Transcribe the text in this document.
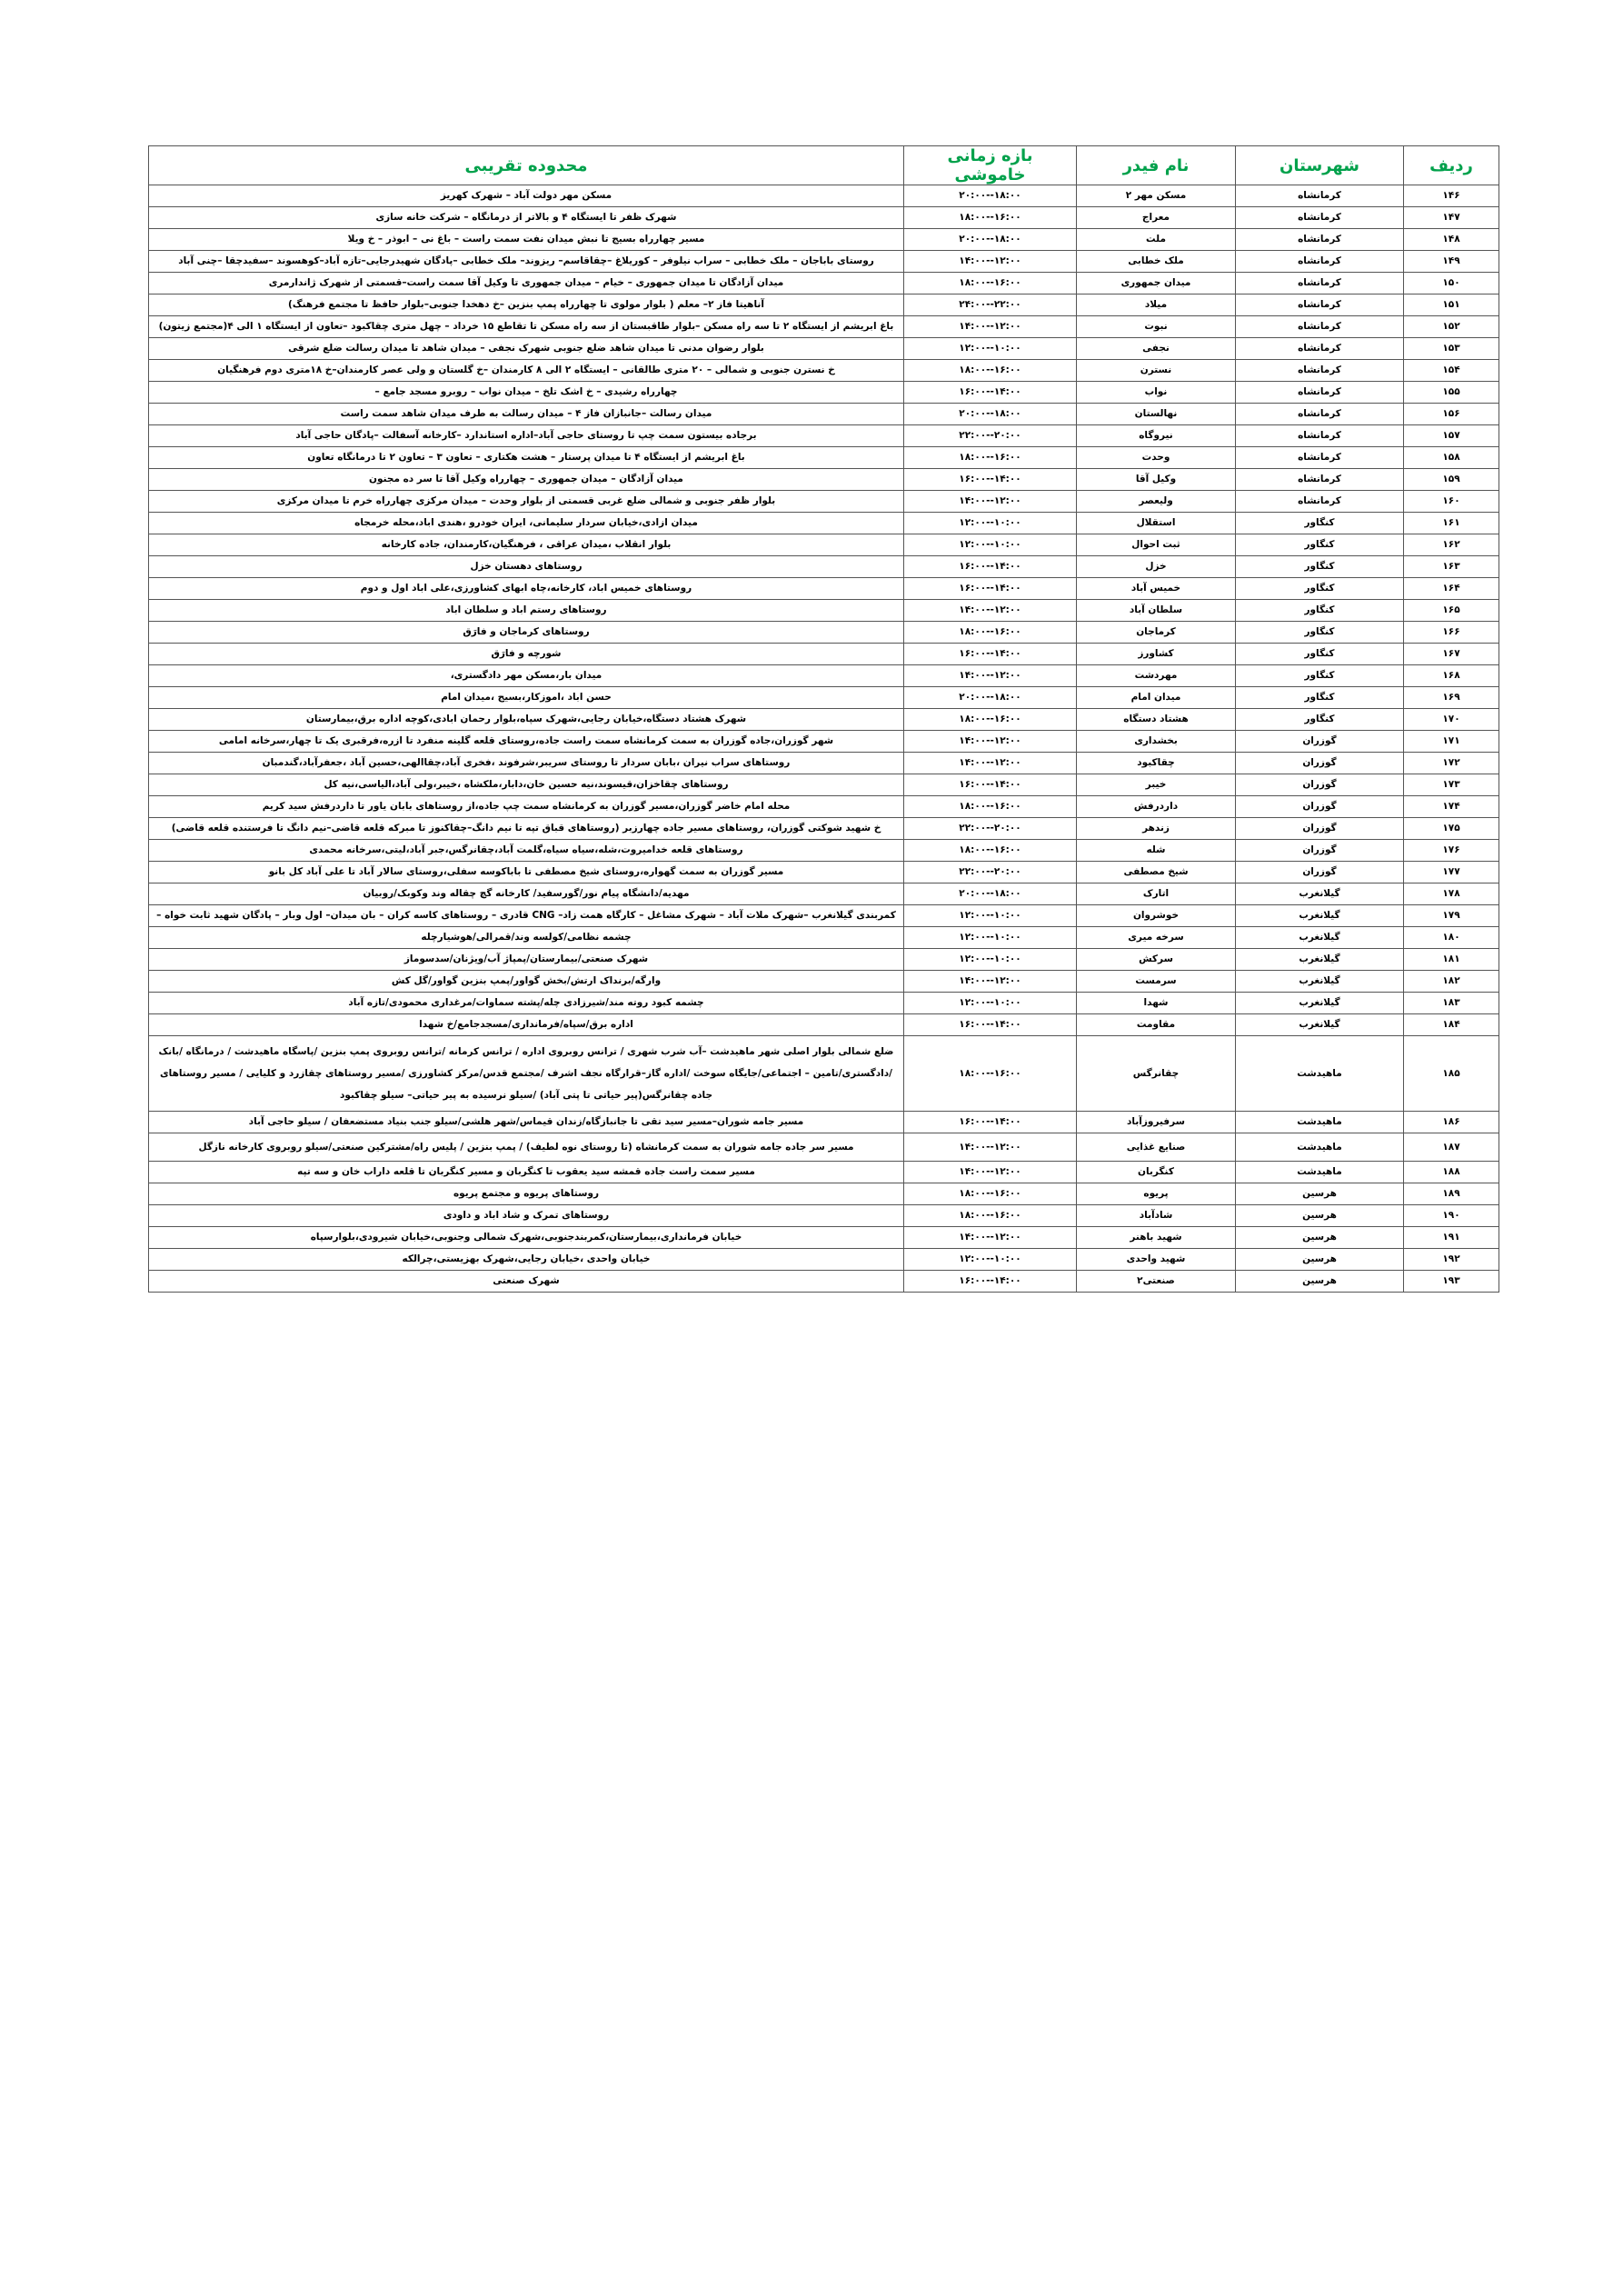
ردیف	شهرستان	نام فیدر	بازه زمانی خاموشی	محدوده تقریبی
۱۴۶	کرمانشاه	مسکن مهر ۲	۱۸:۰۰--۲۰:۰۰	مسکن مهر دولت آباد – شهرک کهریز
۱۴۷	کرمانشاه	معراج	۱۶:۰۰--۱۸:۰۰	شهرک ظفر تا ایستگاه ۴ و بالاتر از درمانگاه – شرکت خانه سازی
۱۴۸	کرمانشاه	ملت	۱۸:۰۰--۲۰:۰۰	مسیر چهارراه بسیج تا نبش میدان نفت سمت راست – باغ نی – ابوذر – خ ویلا
۱۴۹	کرمانشاه	ملک خطابی	۱۲:۰۰--۱۴:۰۰	روستای باباجان – ملک خطابی – سراب نیلوفر – کوریلاغ –چقاقاسم– ریزوند– ملک خطابی –پادگان شهیدرجایی–تازه آباد–کوهسوند –سفیدچقا –چنی آباد
۱۵۰	کرمانشاه	میدان جمهوری	۱۶:۰۰--۱۸:۰۰	میدان آزادگان تا میدان جمهوری – خیام – میدان جمهوری تا وکیل آقا سمت راست–قسمتی از شهرک ژاندارمری
۱۵۱	کرمانشاه	میلاد	۲۲:۰۰--۲۴:۰۰	آناهیتا فاز ۲– معلم ( بلوار مولوی تا چهارراه پمپ بنزین –خ دهخدا جنوبی–بلوار حافظ تا مجتمع فرهنگ)
۱۵۲	کرمانشاه	نبوت	۱۲:۰۰--۱۴:۰۰	باغ ابریشم از ایستگاه ۲ تا سه راه مسکن –بلوار طاقبستان از سه راه مسکن تا تقاطع ۱۵ خرداد – چهل متری چقاکبود –تعاون از ایستگاه ۱ الی ۴(مجتمع زیتون)
۱۵۳	کرمانشاه	نجفی	۱۰:۰۰--۱۲:۰۰	بلوار رضوان مدنی تا میدان شاهد ضلع جنوبی شهرک نجفی – میدان شاهد تا میدان رسالت ضلع شرقی
۱۵۴	کرمانشاه	نسترن	۱۶:۰۰--۱۸:۰۰	خ نسترن جنوبی و شمالی – ۲۰ متری طالقانی – ایستگاه ۲ الی ۸ کارمندان –خ گلستان و ولی عصر کارمندان–خ ۱۸متری دوم فرهنگیان
۱۵۵	کرمانشاه	نواب	۱۴:۰۰--۱۶:۰۰	چهارراه رشیدی – خ اشک تلخ – میدان نواب – روبرو مسجد جامع –
۱۵۶	کرمانشاه	نهالستان	۱۸:۰۰--۲۰:۰۰	میدان رسالت –جانبازان فاز ۴ – میدان رسالت به طرف میدان شاهد سمت راست
۱۵۷	کرمانشاه	نیروگاه	۲۰:۰۰--۲۲:۰۰	برجاده بیستون سمت چپ تا روستای حاجی آباد–اداره استاندارد –کارخانه آسفالت –پادگان حاجی آباد
۱۵۸	کرمانشاه	وحدت	۱۶:۰۰--۱۸:۰۰	باغ ابریشم از ایستگاه ۴ تا میدان پرستار – هشت هکتاری – تعاون ۳ – تعاون ۲ تا درمانگاه تعاون
۱۵۹	کرمانشاه	وکیل آقا	۱۴:۰۰--۱۶:۰۰	میدان آزادگان – میدان جمهوری – چهارراه وکیل آقا تا سر ده مجنون
۱۶۰	کرمانشاه	ولیعصر	۱۲:۰۰--۱۴:۰۰	بلوار ظفر جنوبی و شمالی ضلع غربی قسمتی از بلوار وحدت – میدان مرکزی چهارراه خرم تا میدان مرکزی
۱۶۱	کنگاور	استقلال	۱۰:۰۰--۱۲:۰۰	میدان ازادی،خیابان سردار سلیمانی، ایران خودرو ،هندی اباد،محله خرمجاه
۱۶۲	کنگاور	ثبت احوال	۱۰:۰۰--۱۲:۰۰	بلوار انقلاب ،میدان عراقی ، فرهنگیان،کارمندان، جاده کارخانه
۱۶۳	کنگاور	خزل	۱۴:۰۰--۱۶:۰۰	روستاهای دهستان خزل
۱۶۴	کنگاور	خمیس آباد	۱۴:۰۰--۱۶:۰۰	روستاهای خمیس اباد، کارخانه،چاه ابهای کشاورزی،علی اباد اول و دوم
۱۶۵	کنگاور	سلطان آباد	۱۲:۰۰--۱۴:۰۰	روستاهای رستم اباد و سلطان اباد
۱۶۶	کنگاور	کرماجان	۱۶:۰۰--۱۸:۰۰	روستاهای کرماجان و فارَق
۱۶۷	کنگاور	کشاورز	۱۴:۰۰--۱۶:۰۰	شورچه و فارَق
۱۶۸	کنگاور	مهردشت	۱۲:۰۰--۱۴:۰۰	میدان بار،مسکن مهر دادگستری،
۱۶۹	کنگاور	میدان امام	۱۸:۰۰--۲۰:۰۰	حسن اباد ،اموزکار،بسیج ،میدان امام
۱۷۰	کنگاور	هشتاد دستگاه	۱۶:۰۰--۱۸:۰۰	شهرک هشتاد دستگاه،خیابان رجایی،شهرک سپاه،بلوار رحمان ابادی،کوچه اداره برق،بیمارستان
۱۷۱	گوزران	بخشداری	۱۲:۰۰--۱۴:۰۰	شهر گوزران،جاده گوزران به سمت کرمانشاه سمت راست جاده،روستای قلعه گلینه منفرد تا ازره،فرقبری یک تا چهار،سرخانه امامی
۱۷۲	گوزران	چقاکبود	۱۲:۰۰--۱۴:۰۰	روستاهای سراب نیران ،بابان سردار تا روستای سریبر،شرفوند ،فخری آباد،چقاالهی،حسین آباد ،جعفرآباد،گندمبان
۱۷۳	گوزران	خیبر	۱۴:۰۰--۱۶:۰۰	روستاهای چقاخزان،قیسوند،نیه حسین خان،دابار،ملکشاه ،خیبر،ولی آباد،الیاسی،نیه کل
۱۷۴	گوزران	داردرفش	۱۶:۰۰--۱۸:۰۰	محله امام خاضر گوزران،مسیر گوزران به کرمانشاه سمت چپ جاده،از روستاهای بابان یاور تا داردرفش سید کریم
۱۷۵	گوزران	زندهر	۲۰:۰۰--۲۲:۰۰	خ شهید شوکتی گوزران، روستاهای مسیر جاده چهارزبر (روستاهای قباق تپه تا نیم دانگ–چقاکنوز تا مبرکه قلعه قاضی–نیم دانگ تا فرستنده قلعه قاضی)
۱۷۶	گوزران	شله	۱۶:۰۰--۱۸:۰۰	روستاهای قلعه خدامیروت،شله،سیاه سیاه،گلمت آباد،چقانرگس،جبر آباد،لیتی،سرخانه محمدی
۱۷۷	گوزران	شیخ مصطفی	۲۰:۰۰--۲۲:۰۰	مسیر گوزران به سمت گهواره،روستای شیخ مصطفی تا باباکوسه سفلی،روستای سالار آباد تا علی آباد کل بانو
۱۷۸	گیلانغرب	اتارک	۱۸:۰۰--۲۰:۰۰	مهدیه/دانشگاه پیام نور/گورسفید/ کارخانه گچ چقاله وند وکوبک/روبیان
۱۷۹	گیلانغرب	خوشروان	۱۰:۰۰--۱۲:۰۰	کمربندی گیلانغرب –شهرک ملات آباد – شهرک مشاغل – کارگاه همت زاد– CNG قادری – روستاهای کاسه کران – بان میدان– اول وبار – پادگان شهید ثابت خواه –
۱۸۰	گیلانغرب	سرخه میری	۱۰:۰۰--۱۲:۰۰	چشمه نظامی/کولسه وند/قمرالی/هوشیارچله
۱۸۱	گیلانغرب	سرکش	۱۰:۰۰--۱۲:۰۰	شهرک صنعتی/بیمارستان/پمپاژ آب/ویژنان/سدسوماز
۱۸۲	گیلانغرب	سرمست	۱۲:۰۰--۱۴:۰۰	وارگه/برنداک ارتش/بخش گواور/پمپ بنزین گواور/گل کش
۱۸۳	گیلانغرب	شهدا	۱۰:۰۰--۱۲:۰۰	چشمه کبود روته مند/شیرزادی چله/پشته سماوات/مرغداری محمودی/تازه آباد
۱۸۴	گیلانغرب	مقاومت	۱۴:۰۰--۱۶:۰۰	اداره برق/سپاه/فرمانداری/مسجدجامع/خ شهدا
۱۸۵	ماهیدشت	چقانرگس	۱۶:۰۰--۱۸:۰۰	ضلع شمالی بلوار اصلی شهر ماهیدشت –آب شرب شهری / ترانس روبروی اداره / ترانس کرمانه /ترانس روبروی پمپ بنزین /پاسگاه ماهیدشت / درمانگاه /بانک /دادگستری/تامین – اجتماعی/جایگاه سوخت /اداره گاز–قرارگاه نجف اشرف /مجتمع قدس/مرکز کشاورزی /مسیر روستاهای چقازرد و کلیایی / مسیر روستاهای جاده چقانرگس(پیر حیاتی تا پتی آباد) /سیلو نرسیده به پیر حیاتی– سیلو چقاکبود
۱۸۶	ماهیدشت	سرفیروزآباد	۱۴:۰۰--۱۶:۰۰	مسیر جامه شوران–مسیر سید تقی تا جانبازگاه/زندان قیماس/شهر هلشی/سیلو جنب بنیاد مستضعفان / سیلو حاجی آباد
۱۸۷	ماهیدشت	صنایع غذایی	۱۲:۰۰--۱۴:۰۰	مسیر سر جاده جامه شوران به سمت کرمانشاه (تا روستای نوه لطیف) / پمپ بنزین / پلیس راه/مشترکین صنعتی/سیلو روبروی کارخانه نازگل
۱۸۸	ماهیدشت	کنگربان	۱۲:۰۰--۱۴:۰۰	مسیر سمت راست جاده قمشه سید یعقوب تا کنگربان و مسیر کنگربان تا قلعه داراب خان و سه تپه
۱۸۹	هرسین	پریوه	۱۶:۰۰--۱۸:۰۰	روستاهای پریوه و مجتمع پریوه
۱۹۰	هرسین	شادآباد	۱۶:۰۰--۱۸:۰۰	روستاهای تمرک و شاد اباد و داودی
۱۹۱	هرسین	شهید باهنر	۱۲:۰۰--۱۴:۰۰	خیابان فرمانداری،بیمارستان،کمربندجنوبی،شهرک شمالی وجنوبی،خیابان شیرودی،بلوارسپاه
۱۹۲	هرسین	شهید واحدی	۱۰:۰۰--۱۲:۰۰	خیابان واحدی ،خیابان رجایی،شهرک بهزیستی،چرالکه
۱۹۳	هرسین	صنعتی۲	۱۴:۰۰--۱۶:۰۰	شهرک صنعتی
